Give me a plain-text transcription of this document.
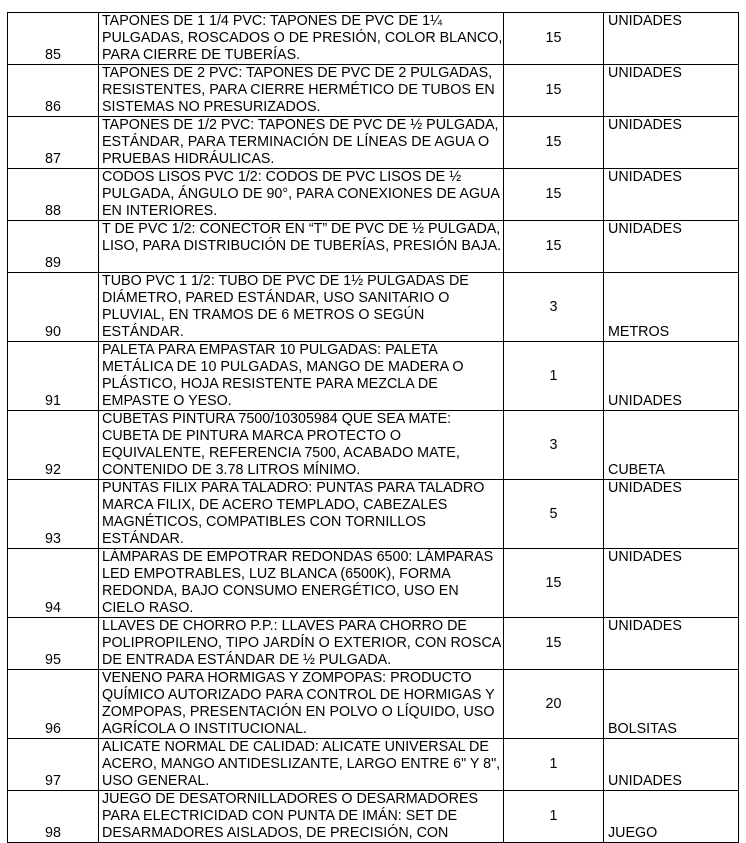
85	TAPONES DE 1 1/4 PVC: TAPONES DE PVC DE 1¼ PULGADAS, ROSCADOS O DE PRESIÓN, COLOR BLANCO, PARA CIERRE DE TUBERÍAS.	15	UNIDADES
86	TAPONES DE 2 PVC: TAPONES DE PVC DE 2 PULGADAS, RESISTENTES, PARA CIERRE HERMÉTICO DE TUBOS EN SISTEMAS NO PRESURIZADOS.	15	UNIDADES
87	TAPONES DE 1/2 PVC: TAPONES DE PVC DE ½ PULGADA, ESTÁNDAR, PARA TERMINACIÓN DE LÍNEAS DE AGUA O PRUEBAS HIDRÁULICAS.	15	UNIDADES
88	CODOS LISOS PVC 1/2: CODOS DE PVC LISOS DE ½ PULGADA, ÁNGULO DE 90°, PARA CONEXIONES DE AGUA EN INTERIORES.	15	UNIDADES
89	T DE PVC 1/2: CONECTOR EN “T” DE PVC DE ½ PULGADA, LISO, PARA DISTRIBUCIÓN DE TUBERÍAS, PRESIÓN BAJA.	15	UNIDADES
90	TUBO PVC 1 1/2: TUBO DE PVC DE 1½ PULGADAS DE DIÁMETRO, PARED ESTÁNDAR, USO SANITARIO O PLUVIAL, EN TRAMOS DE 6 METROS O SEGÚN ESTÁNDAR.	3	METROS
91	PALETA PARA EMPASTAR 10 PULGADAS: PALETA METÁLICA DE 10 PULGADAS, MANGO DE MADERA O PLÁSTICO, HOJA RESISTENTE PARA MEZCLA DE EMPASTE O YESO.	1	UNIDADES
92	CUBETAS PINTURA 7500/10305984 QUE SEA MATE: CUBETA DE PINTURA MARCA PROTECTO O EQUIVALENTE, REFERENCIA 7500, ACABADO MATE, CONTENIDO DE 3.78 LITROS MÍNIMO.	3	CUBETA
93	PUNTAS FILIX PARA TALADRO: PUNTAS PARA TALADRO MARCA FILIX, DE ACERO TEMPLADO, CABEZALES MAGNÉTICOS, COMPATIBLES CON TORNILLOS ESTÁNDAR.	5	UNIDADES
94	LÁMPARAS DE EMPOTRAR REDONDAS 6500: LÁMPARAS LED EMPOTRABLES, LUZ BLANCA (6500K), FORMA REDONDA, BAJO CONSUMO ENERGÉTICO, USO EN CIELO RASO.	15	UNIDADES
95	LLAVES DE CHORRO P.P.: LLAVES PARA CHORRO DE POLIPROPILENO, TIPO JARDÍN O EXTERIOR, CON ROSCA DE ENTRADA ESTÁNDAR DE ½ PULGADA.	15	UNIDADES
96	VENENO PARA HORMIGAS Y ZOMPOPAS: PRODUCTO QUÍMICO AUTORIZADO PARA CONTROL DE HORMIGAS Y ZOMPOPAS, PRESENTACIÓN EN POLVO O LÍQUIDO, USO AGRÍCOLA O INSTITUCIONAL.	20	BOLSITAS
97	ALICATE NORMAL DE CALIDAD: ALICATE UNIVERSAL DE ACERO, MANGO ANTIDESLIZANTE, LARGO ENTRE 6" Y 8", USO GENERAL.	1	UNIDADES
98	JUEGO DE DESATORNILLADORES O DESARMADORES PARA ELECTRICIDAD CON PUNTA DE IMÁN: SET DE DESARMADORES AISLADOS, DE PRECISIÓN, CON	1	JUEGO
